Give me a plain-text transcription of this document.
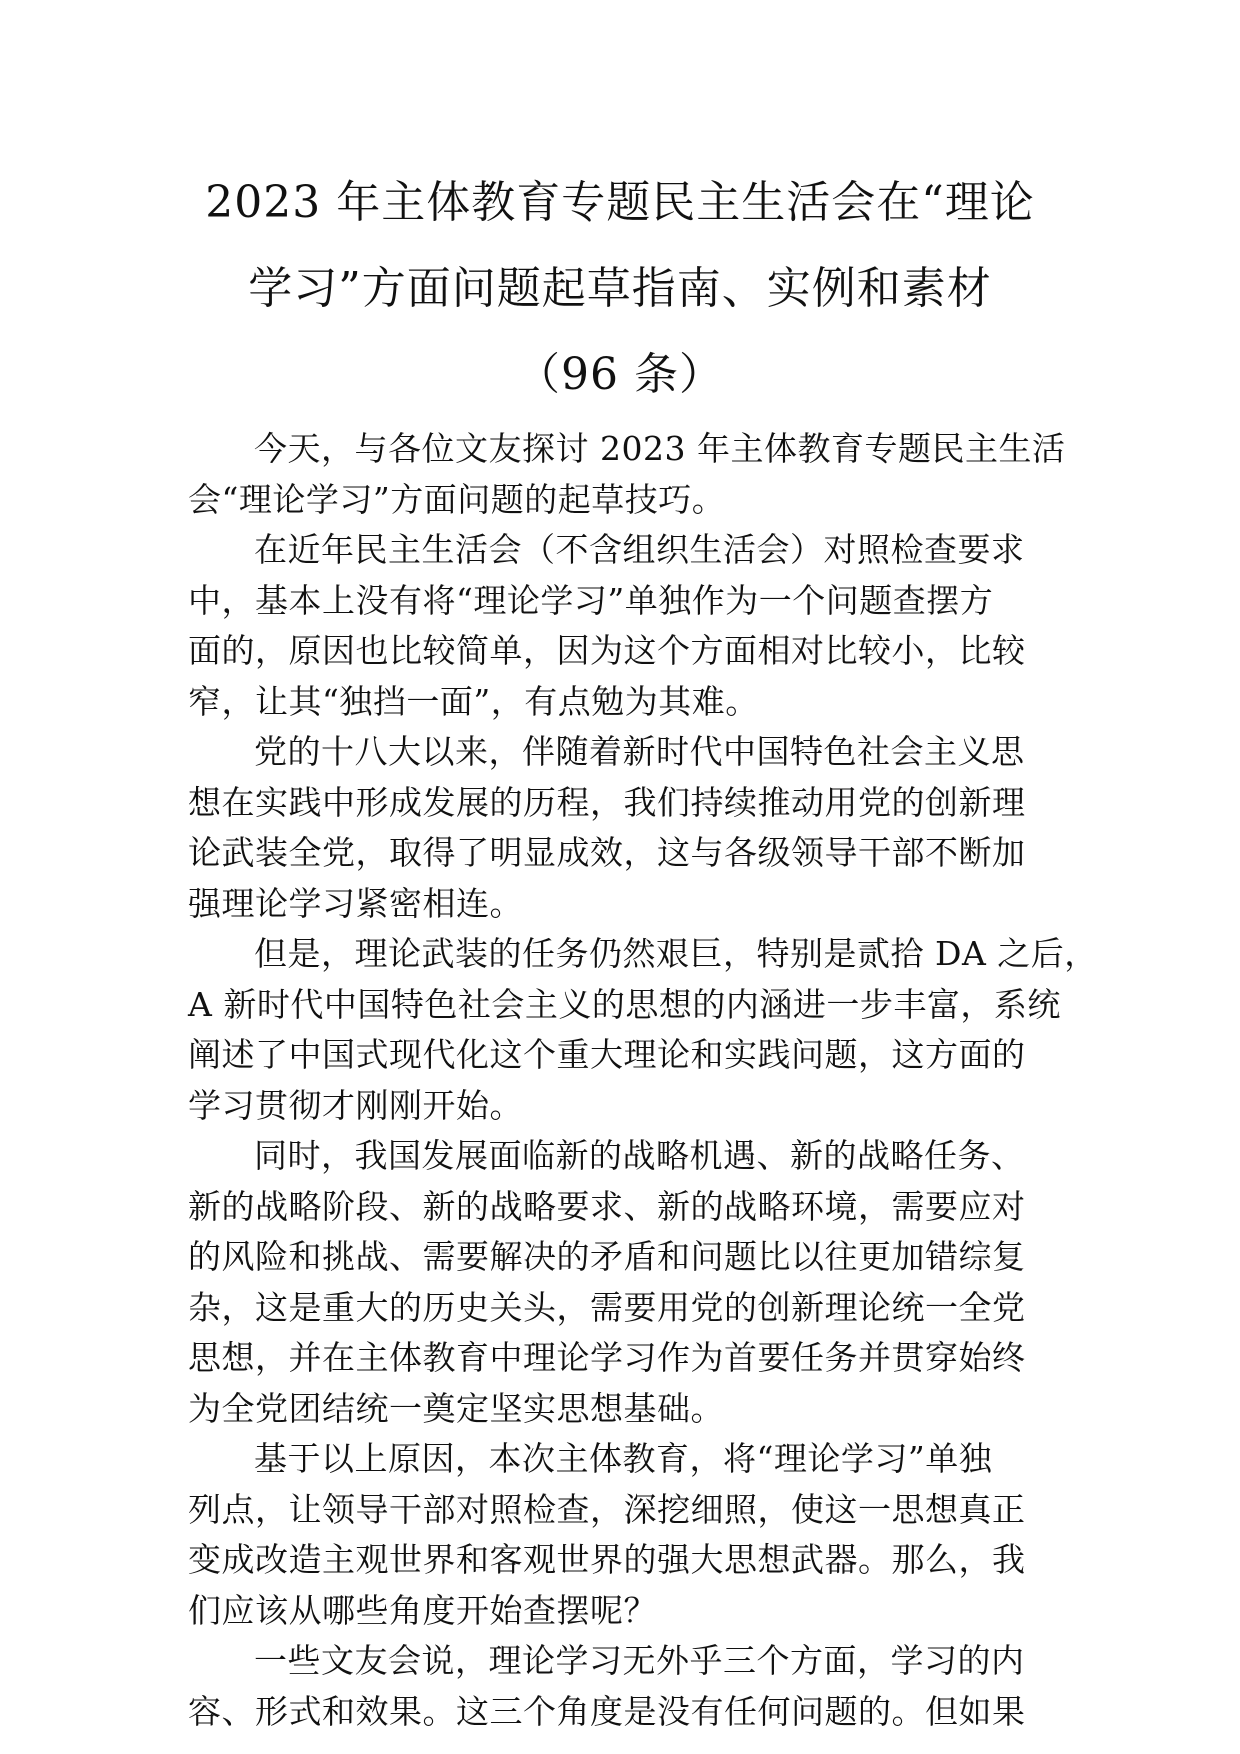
2023 年主体教育专题民主生活会在“理论
学习”方面问题起草指南、实例和素材
（96 条）

今天，与各位文友探讨 2023 年主体教育专题民主生活
会“理论学习”方面问题的起草技巧。

在近年民主生活会（不含组织生活会）对照检查要求
中，基本上没有将“理论学习”单独作为一个问题查摆方
面的，原因也比较简单，因为这个方面相对比较小，比较
窄，让其“独挡一面”，有点勉为其难。

党的十八大以来，伴随着新时代中国特色社会主义思
想在实践中形成发展的历程，我们持续推动用党的创新理
论武装全党，取得了明显成效，这与各级领导干部不断加
强理论学习紧密相连。

但是，理论武装的任务仍然艰巨，特别是贰拾 DA 之后，
A 新时代中国特色社会主义的思想的内涵进一步丰富，系统
阐述了中国式现代化这个重大理论和实践问题，这方面的
学习贯彻才刚刚开始。

同时，我国发展面临新的战略机遇、新的战略任务、
新的战略阶段、新的战略要求、新的战略环境，需要应对
的风险和挑战、需要解决的矛盾和问题比以往更加错综复
杂，这是重大的历史关头，需要用党的创新理论统一全党
思想，并在主体教育中理论学习作为首要任务并贯穿始终
为全党团结统一奠定坚实思想基础。

基于以上原因，本次主体教育，将“理论学习”单独
列点，让领导干部对照检查，深挖细照，使这一思想真正
变成改造主观世界和客观世界的强大思想武器。那么，我
们应该从哪些角度开始查摆呢？

一些文友会说，理论学习无外乎三个方面，学习的内
容、形式和效果。这三个角度是没有任何问题的。但如果
